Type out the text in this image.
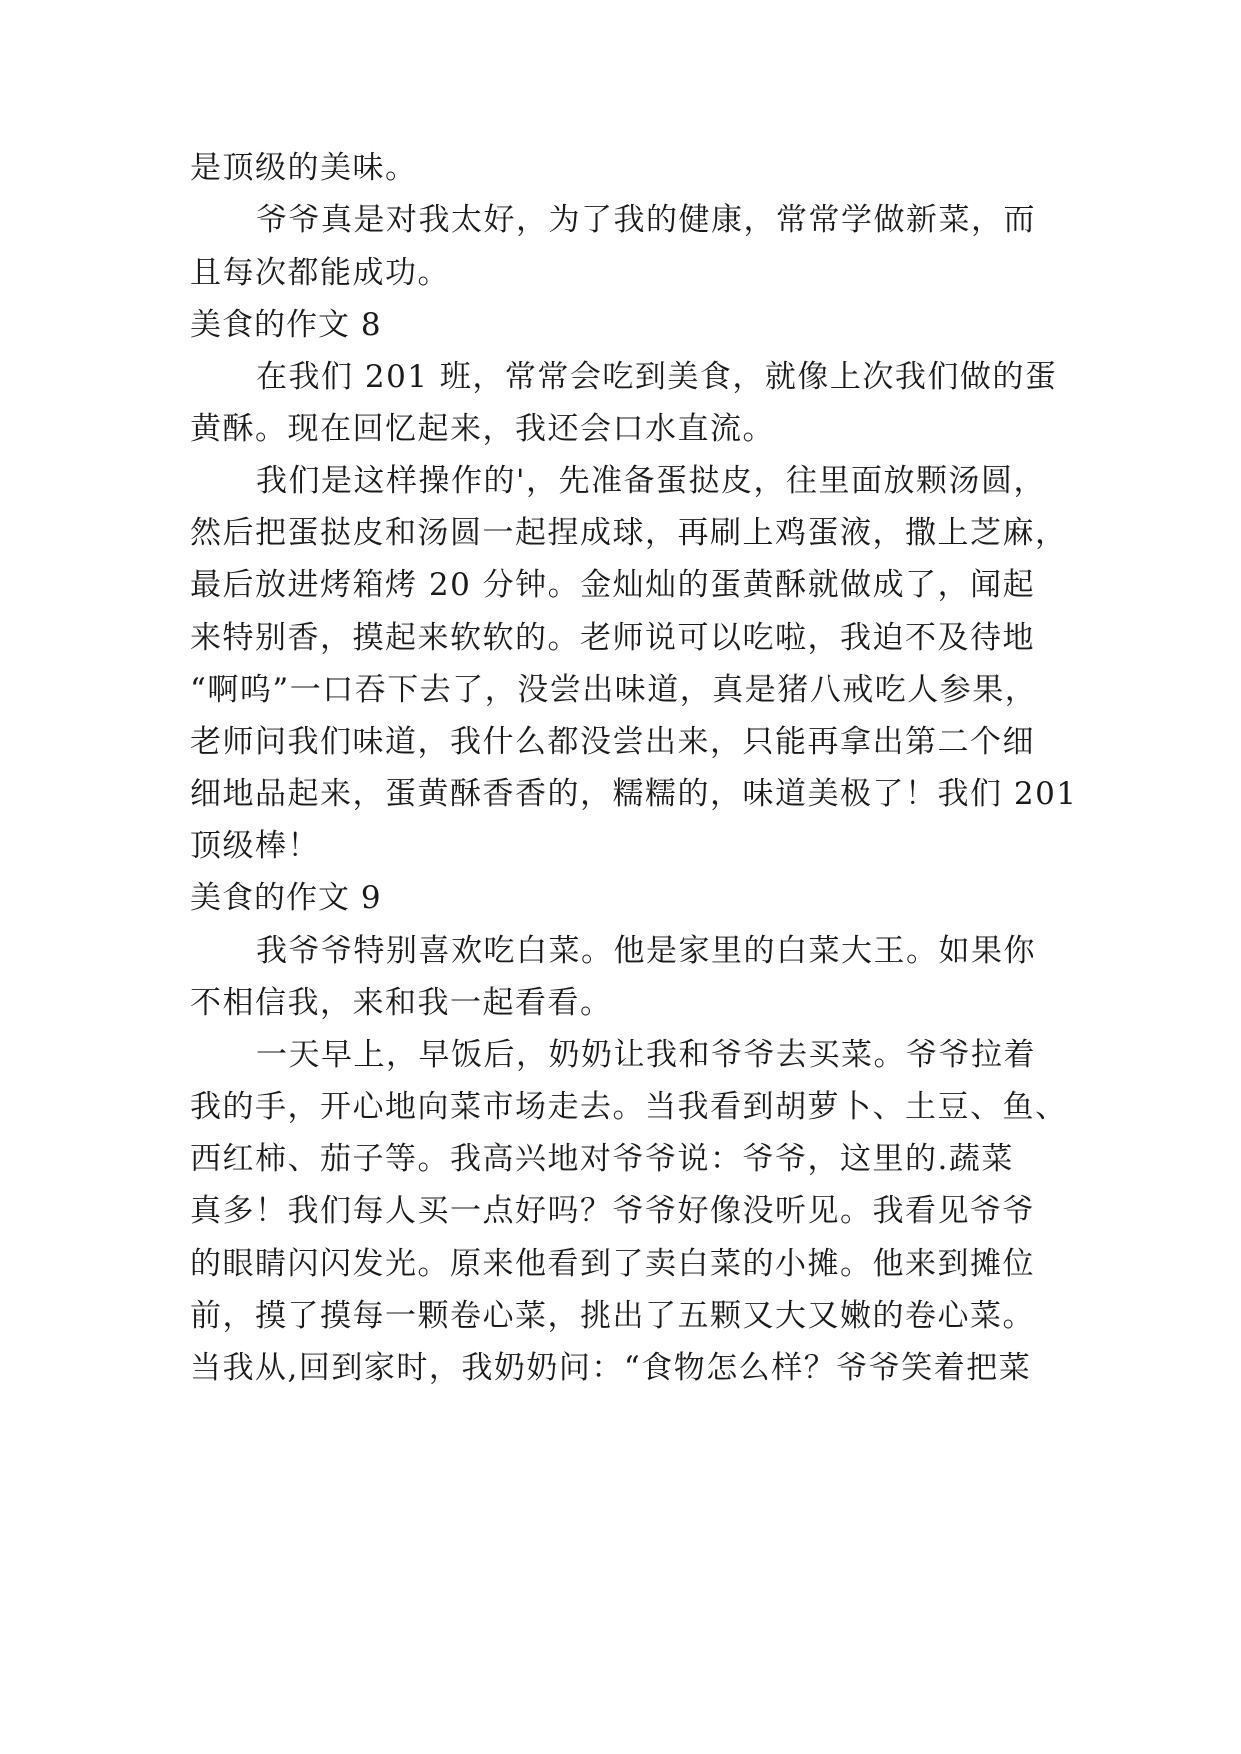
是顶级的美味。
爷爷真是对我太好，为了我的健康，常常学做新菜，而
且每次都能成功。
美食的作文 8
在我们 201 班，常常会吃到美食，就像上次我们做的蛋
黄酥。现在回忆起来，我还会口水直流。
我们是这样操作的'，先准备蛋挞皮，往里面放颗汤圆，
然后把蛋挞皮和汤圆一起捏成球，再刷上鸡蛋液，撒上芝麻，
最后放进烤箱烤 20 分钟。金灿灿的蛋黄酥就做成了，闻起
来特别香，摸起来软软的。老师说可以吃啦，我迫不及待地
“啊呜”一口吞下去了，没尝出味道，真是猪八戒吃人参果，
老师问我们味道，我什么都没尝出来，只能再拿出第二个细
细地品起来，蛋黄酥香香的，糯糯的，味道美极了！我们 201
顶级棒！
美食的作文 9
我爷爷特别喜欢吃白菜。他是家里的白菜大王。如果你
不相信我，来和我一起看看。
一天早上，早饭后，奶奶让我和爷爷去买菜。爷爷拉着
我的手，开心地向菜市场走去。当我看到胡萝卜、土豆、鱼、
西红柿、茄子等。我高兴地对爷爷说：爷爷，这里的.蔬菜
真多！我们每人买一点好吗？爷爷好像没听见。我看见爷爷
的眼睛闪闪发光。原来他看到了卖白菜的小摊。他来到摊位
前，摸了摸每一颗卷心菜，挑出了五颗又大又嫩的卷心菜。
当我从,回到家时，我奶奶问：“食物怎么样？爷爷笑着把菜
